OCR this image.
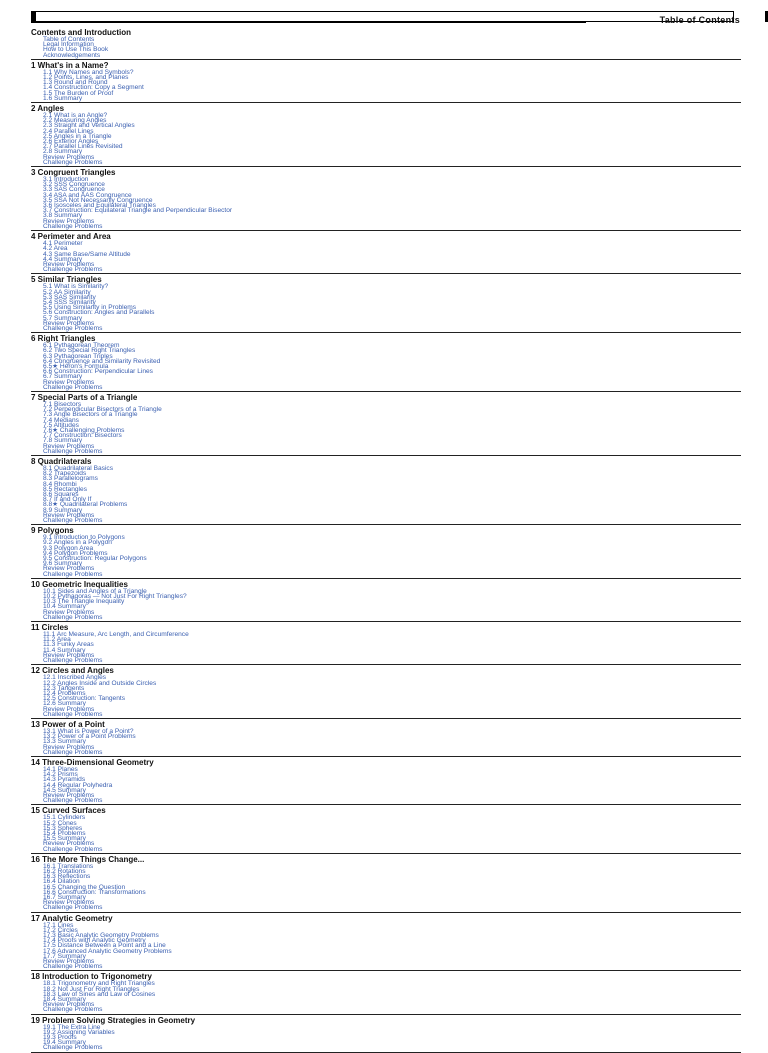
Table of Contents
Contents and Introduction
Table of Contents
Legal Information
How to Use This Book
Acknowledgements
1 What's in a Name?
1.1 Why Names and Symbols?
1.2 Points, Lines, and Planes
1.3 Round and Round
1.4 Construction: Copy a Segment
1.5 The Burden of Proof
1.6 Summary
2 Angles
2.1 What is an Angle?
2.2 Measuring Angles
2.3 Straight and Vertical Angles
2.4 Parallel Lines
2.5 Angles in a Triangle
2.6 Exterior Angles
2.7 Parallel Lines Revisited
2.8 Summary
Review Problems
Challenge Problems
3 Congruent Triangles
3.1 Introduction
3.2 SSS Congruence
3.3 SAS Congruence
3.4 ASA and AAS Congruence
3.5 SSA Not Necessarily Congruence
3.6 Isosceles and Equilateral Triangles
3.7 Construction: Equilateral Triangle and Perpendicular Bisector
3.8 Summary
Review Problems
Challenge Problems
4 Perimeter and Area
4.1 Perimeter
4.2 Area
4.3 Same Base/Same Altitude
4.4 Summary
Review Problems
Challenge Problems
5 Similar Triangles
5.1 What is Similarity?
5.2 AA Similarity
5.3 SAS Similarity
5.4 SSS Similarity
5.5 Using Similarity in Problems
5.6 Construction: Angles and Parallels
5.7 Summary
Review Problems
Challenge Problems
6 Right Triangles
6.1 Pythagorean Theorem
6.2 Two Special Right Triangles
6.3 Pythagorean Triples
6.4 Congruence and Similarity Revisited
6.5★ Heron's Formula
6.6 Construction: Perpendicular Lines
6.7 Summary
Review Problems
Challenge Problems
7 Special Parts of a Triangle
7.1 Bisectors
7.2 Perpendicular Bisectors of a Triangle
7.3 Angle Bisectors of a Triangle
7.4 Medians
7.5 Altitudes
7.6★ Challenging Problems
7.7 Construction: Bisectors
7.8 Summary
Review Problems
Challenge Problems
8 Quadrilaterals
8.1 Quadrilateral Basics
8.2 Trapezoids
8.3 Parallelograms
8.4 Rhombi
8.5 Rectangles
8.6 Squares
8.7 If and Only If
8.8★ Quadrilateral Problems
8.9 Summary
Review Problems
Challenge Problems
9 Polygons
9.1 Introduction to Polygons
9.2 Angles in a Polygon
9.3 Polygon Area
9.4 Polygon Problems
9.5 Construction: Regular Polygons
9.6 Summary
Review Problems
Challenge Problems
10 Geometric Inequalities
10.1 Sides and Angles of a Triangle
10.2 Pythagoras — Not Just For Right Triangles?
10.3 The Triangle Inequality
10.4 Summary
Review Problems
Challenge Problems
11 Circles
11.1 Arc Measure, Arc Length, and Circumference
11.2 Area
11.3 Funky Areas
11.4 Summary
Review Problems
Challenge Problems
12 Circles and Angles
12.1 Inscribed Angles
12.2 Angles Inside and Outside Circles
12.3 Tangents
12.4 Problems
12.5 Construction: Tangents
12.6 Summary
Review Problems
Challenge Problems
13 Power of a Point
13.1 What is Power of a Point?
13.2 Power of a Point Problems
13.3 Summary
Review Problems
Challenge Problems
14 Three-Dimensional Geometry
14.1 Planes
14.2 Prisms
14.3 Pyramids
14.4 Regular Polyhedra
14.5 Summary
Review Problems
Challenge Problems
15 Curved Surfaces
15.1 Cylinders
15.2 Cones
15.3 Spheres
15.4 Problems
15.5 Summary
Review Problems
Challenge Problems
16 The More Things Change...
16.1 Translations
16.2 Rotations
16.3 Reflections
16.4 Dilation
16.5 Changing the Question
16.6 Construction: Transformations
16.7 Summary
Review Problems
Challenge Problems
17 Analytic Geometry
17.1 Lines
17.2 Circles
17.3 Basic Analytic Geometry Problems
17.4 Proofs with Analytic Geometry
17.5 Distance Between a Point and a Line
17.6 Advanced Analytic Geometry Problems
17.7 Summary
Review Problems
Challenge Problems
18 Introduction to Trigonometry
18.1 Trigonometry and Right Triangles
18.2 Not Just For Right Triangles
18.3 Law of Sines and Law of Cosines
18.4 Summary
Review Problems
Challenge Problems
19 Problem Solving Strategies in Geometry
19.1 The Extra Line
19.2 Assigning Variables
19.3 Proofs
19.4 Summary
Challenge Problems
